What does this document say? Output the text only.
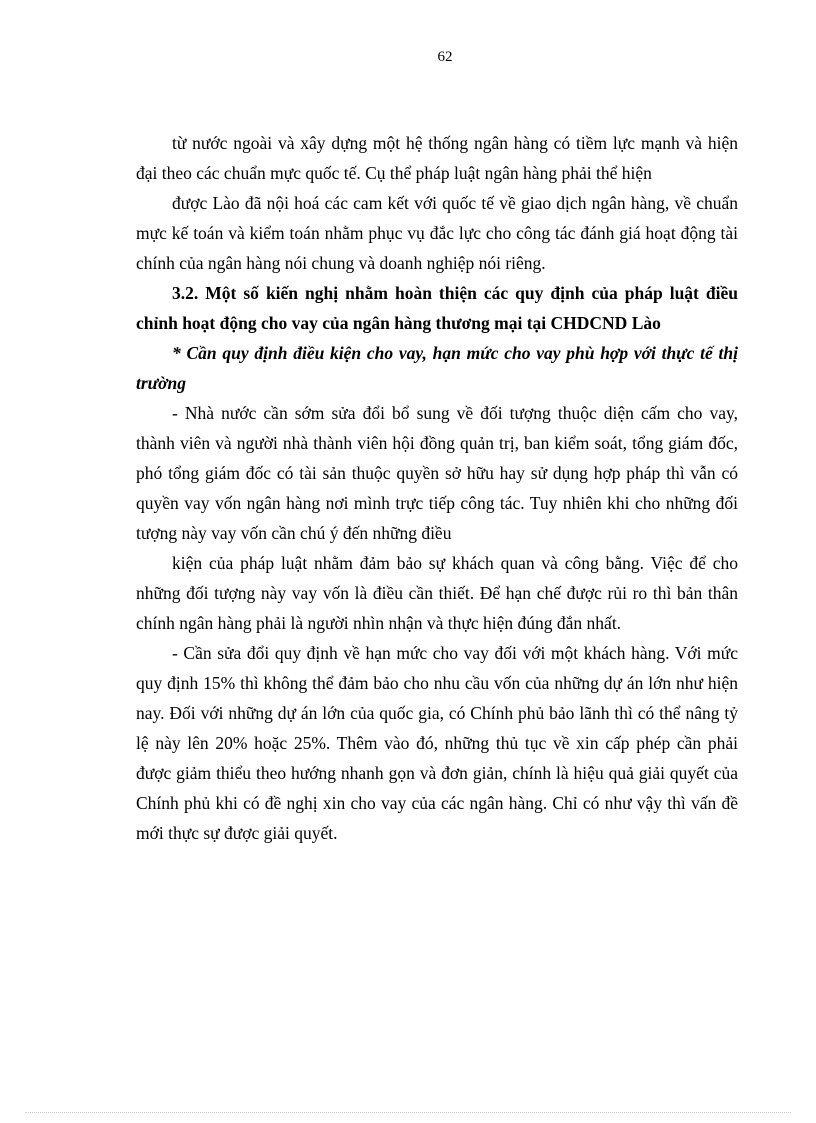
62

từ nước ngoài và xây dựng một hệ thống ngân hàng có tiềm lực mạnh và hiện đại theo các chuẩn mực quốc tế. Cụ thể pháp luật ngân hàng phải thể hiện

được Lào đã nội hoá các cam kết với quốc tế về giao dịch ngân hàng, về chuẩn mực kế toán và kiểm toán nhằm phục vụ đắc lực cho công tác đánh giá hoạt động tài chính của ngân hàng nói chung và doanh nghiệp nói riêng.

3.2. Một số kiến nghị nhằm hoàn thiện các quy định của pháp luật điều chỉnh hoạt động cho vay của ngân hàng thương mại tại CHDCND Lào

* Cần quy định điều kiện cho vay, hạn mức cho vay phù hợp với thực tế thị trường

- Nhà nước cần sớm sửa đổi bổ sung về đối tượng thuộc diện cấm cho vay, thành viên và người nhà thành viên hội đồng quản trị, ban kiểm soát, tổng giám đốc, phó tổng giám đốc có tài sản thuộc quyền sở hữu hay sử dụng hợp pháp thì vẫn có quyền vay vốn ngân hàng nơi mình trực tiếp công tác. Tuy nhiên khi cho những đối tượng này vay vốn cần chú ý đến những điều

kiện của pháp luật nhằm đảm bảo sự khách quan và công bằng. Việc để cho những đối tượng này vay vốn là điều cần thiết. Để hạn chế được rủi ro thì bản thân chính ngân hàng phải là người nhìn nhận và thực hiện đúng đắn nhất.

- Cần sửa đổi quy định về hạn mức cho vay đối với một khách hàng. Với mức quy định 15% thì không thể đảm bảo cho nhu cầu vốn của những dự án lớn như hiện nay. Đối với những dự án lớn của quốc gia, có Chính phủ bảo lãnh thì có thể nâng tỷ lệ này lên 20% hoặc 25%. Thêm vào đó, những thủ tục về xin cấp phép cần phải được giảm thiểu theo hướng nhanh gọn và đơn giản, chính là hiệu quả giải quyết của Chính phủ khi có đề nghị xin cho vay của các ngân hàng. Chỉ có như vậy thì vấn đề mới thực sự được giải quyết.
